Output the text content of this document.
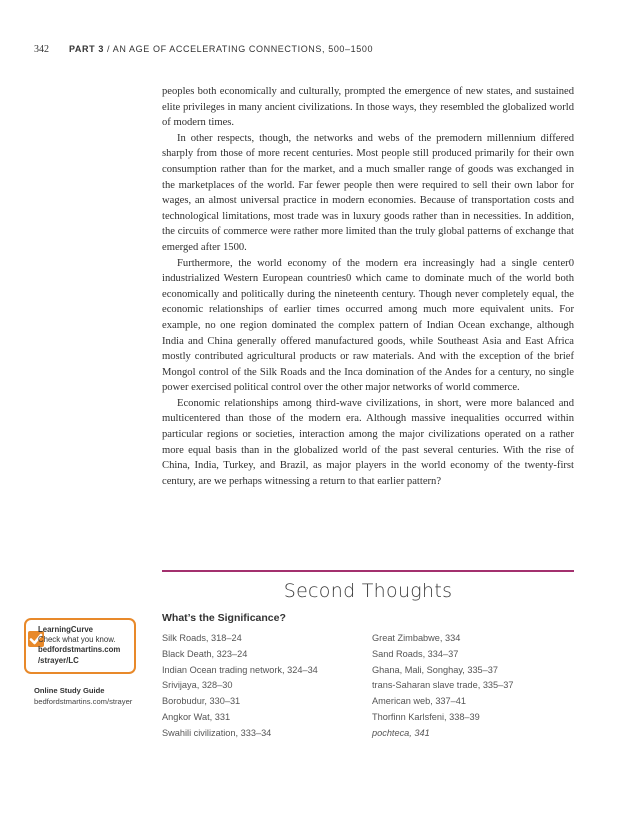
342 PART 3 / AN AGE OF ACCELERATING CONNECTIONS, 500–1500

peoples both economically and culturally, prompted the emergence of new states, and sustained elite privileges in many ancient civilizations. In those ways, they resembled the globalized world of modern times.

In other respects, though, the networks and webs of the premodern millennium differed sharply from those of more recent centuries. Most people still produced primarily for their own consumption rather than for the market, and a much smaller range of goods was exchanged in the marketplaces of the world. Far fewer people then were required to sell their own labor for wages, an almost universal practice in modern economies. Because of transportation costs and technological limitations, most trade was in luxury goods rather than in necessities. In addition, the circuits of commerce were rather more limited than the truly global patterns of exchange that emerged after 1500.

Furthermore, the world economy of the modern era increasingly had a single center0 industrialized Western European countries0 which came to dominate much of the world both economically and politically during the nineteenth century. Though never completely equal, the economic relationships of earlier times occurred among much more equivalent units. For example, no one region dominated the complex pattern of Indian Ocean exchange, although India and China generally offered manufactured goods, while Southeast Asia and East Africa mostly contributed agricultural products or raw materials. And with the exception of the brief Mongol control of the Silk Roads and the Inca domination of the Andes for a century, no single power exercised political control over the other major networks of world commerce.

Economic relationships among third-wave civilizations, in short, were more balanced and multicentered than those of the modern era. Although massive inequalities occurred within particular regions or societies, interaction among the major civilizations operated on a rather more equal basis than in the globalized world of the past several centuries. With the rise of China, India, Turkey, and Brazil, as major players in the world economy of the twenty-first century, are we perhaps witnessing a return to that earlier pattern?

Second Thoughts
What’s the Significance?
Silk Roads, 318–24
Black Death, 323–24
Indian Ocean trading network, 324–34
Srivijaya, 328–30
Borobudur, 330–31
Angkor Wat, 331
Swahili civilization, 333–34
Great Zimbabwe, 334
Sand Roads, 334–37
Ghana, Mali, Songhay, 335–37
trans-Saharan slave trade, 335–37
American web, 337–41
Thorfinn Karlsfeni, 338–39
pochteca, 341
LearningCurve
Check what you know.
bedfordstmartins.com
/strayer/LC
Online Study Guide
bedfordstmartins.com/strayer
